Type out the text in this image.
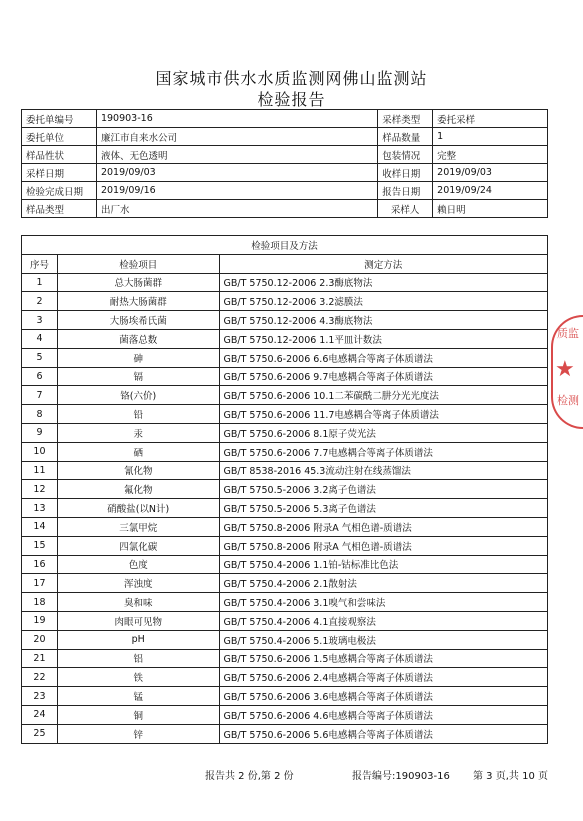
国家城市供水水质监测网佛山监测站
检验报告
委托单编号	190903-16	采样类型	委托采样
委托单位	廉江市自来水公司	样品数量	1
样品性状	液体、无色透明	包装情况	完整
采样日期	2019/09/03	收样日期	2019/09/03
检验完成日期	2019/09/16	报告日期	2019/09/24
样品类型	出厂水	采样人	赖日明
检验项目及方法		
序号	检验项目	测定方法
1	总大肠菌群	GB/T 5750.12-2006 2.3酶底物法
2	耐热大肠菌群	GB/T 5750.12-2006 3.2滤膜法
3	大肠埃希氏菌	GB/T 5750.12-2006 4.3酶底物法
4	菌落总数	GB/T 5750.12-2006 1.1平皿计数法
5	砷	GB/T 5750.6-2006 6.6电感耦合等离子体质谱法
6	镉	GB/T 5750.6-2006 9.7电感耦合等离子体质谱法
7	铬(六价)	GB/T 5750.6-2006 10.1二苯碳酰二肼分光光度法
8	铅	GB/T 5750.6-2006 11.7电感耦合等离子体质谱法
9	汞	GB/T 5750.6-2006 8.1原子荧光法
10	硒	GB/T 5750.6-2006 7.7电感耦合等离子体质谱法
11	氰化物	GB/T 8538-2016 45.3流动注射在线蒸馏法
12	氟化物	GB/T 5750.5-2006 3.2离子色谱法
13	硝酸盐(以N计)	GB/T 5750.5-2006 5.3离子色谱法
14	三氯甲烷	GB/T 5750.8-2006 附录A 气相色谱-质谱法
15	四氯化碳	GB/T 5750.8-2006 附录A 气相色谱-质谱法
16	色度	GB/T 5750.4-2006 1.1铂-钴标准比色法
17	浑浊度	GB/T 5750.4-2006 2.1散射法
18	臭和味	GB/T 5750.4-2006 3.1嗅气和尝味法
19	肉眼可见物	GB/T 5750.4-2006 4.1直接观察法
20	pH	GB/T 5750.4-2006 5.1玻璃电极法
21	铝	GB/T 5750.6-2006 1.5电感耦合等离子体质谱法
22	铁	GB/T 5750.6-2006 2.4电感耦合等离子体质谱法
23	锰	GB/T 5750.6-2006 3.6电感耦合等离子体质谱法
24	铜	GB/T 5750.6-2006 4.6电感耦合等离子体质谱法
25	锌	GB/T 5750.6-2006 5.6电感耦合等离子体质谱法
报告共 2 份,第 2 份	报告编号:190903-16 第 3 页,共 10 页
质监
★
检测
